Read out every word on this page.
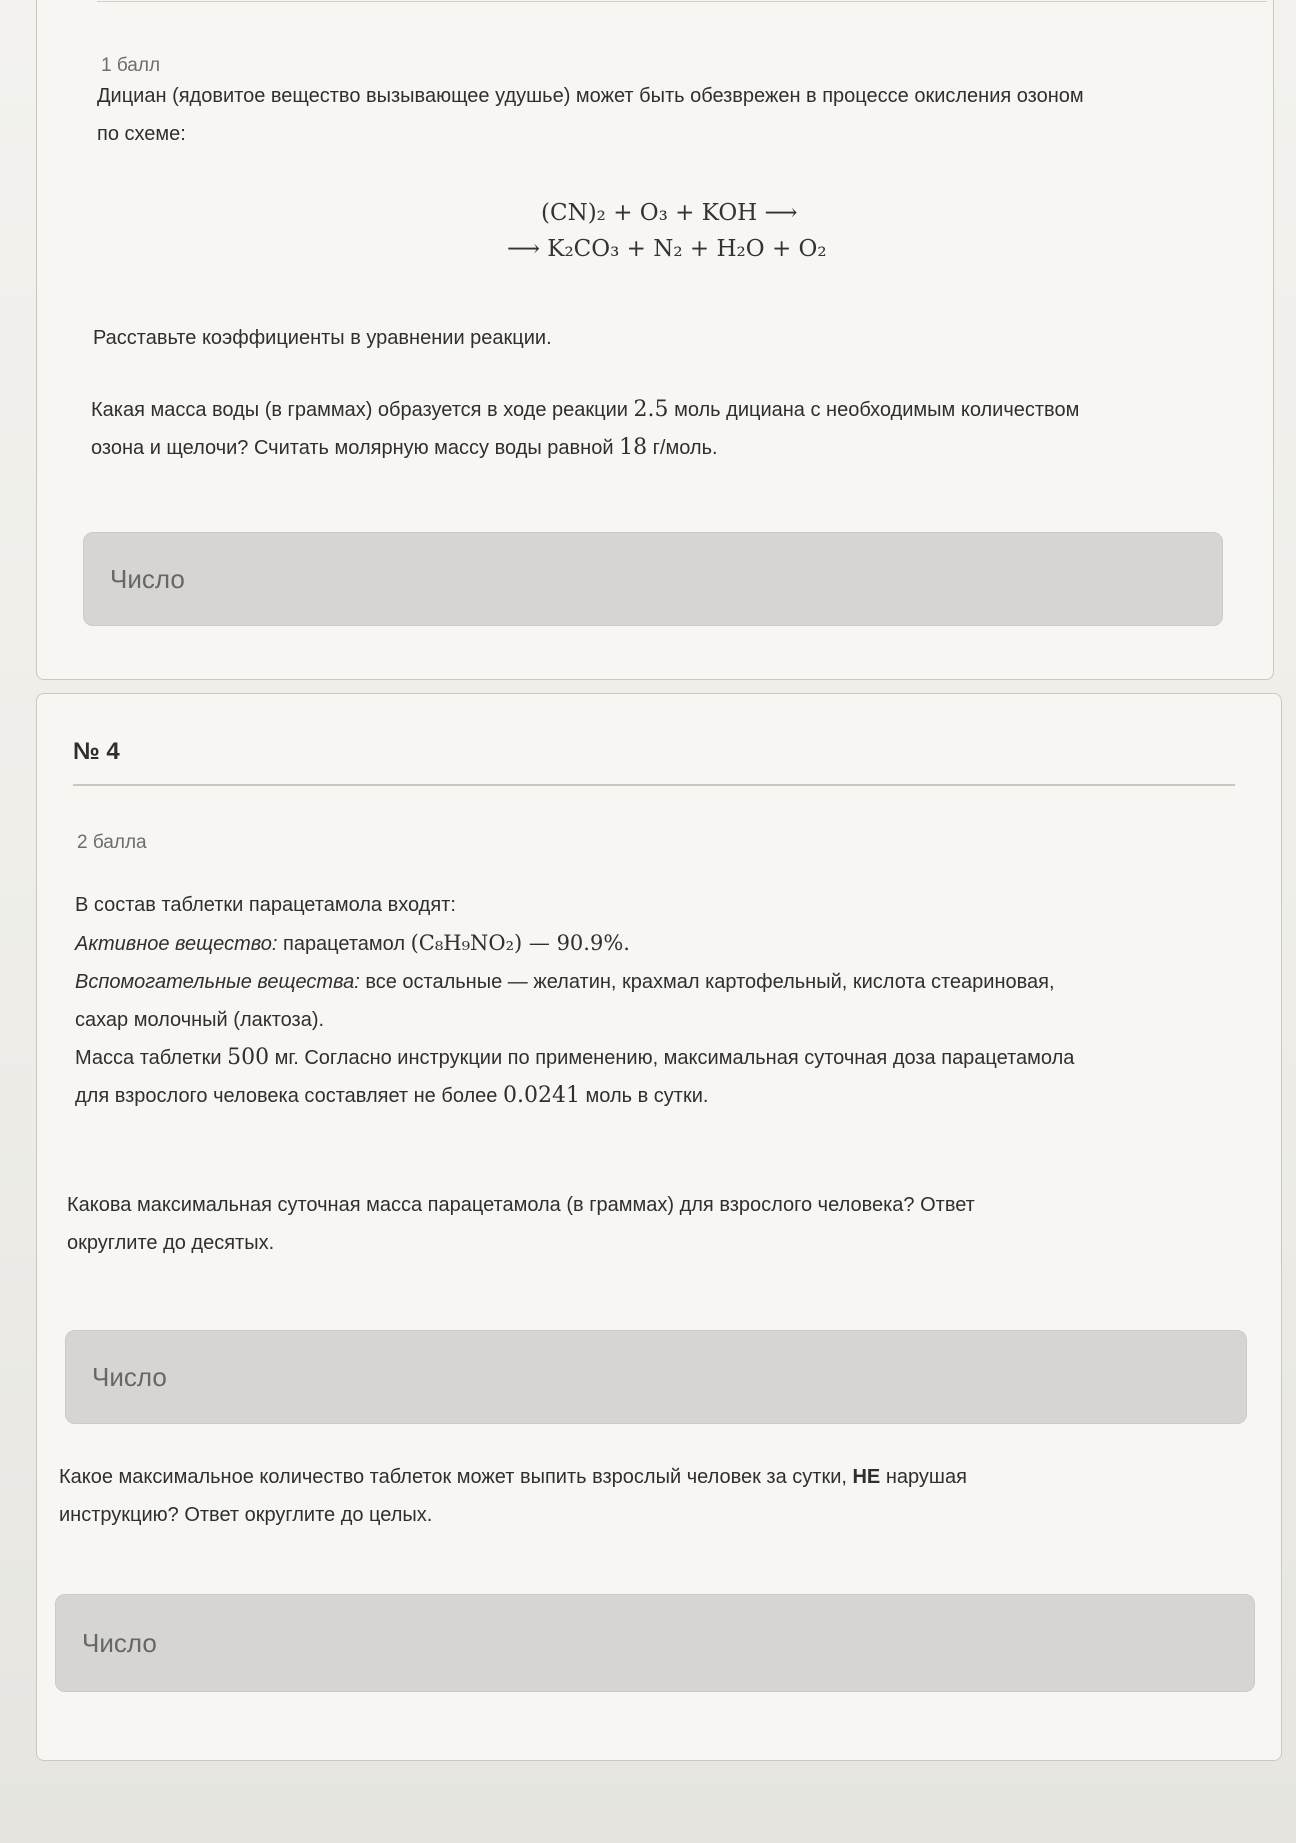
1 балл
Дициан (ядовитое вещество вызывающее удушье) может быть обезврежен в процессе окисления озоном
по схеме:
(CN)₂ + O₃ + KOH ⟶
⟶ K₂CO₃ + N₂ + H₂O + O₂
Расставьте коэффициенты в уравнении реакции.
Какая масса воды (в граммах) образуется в ходе реакции 2.5 моль дициана с необходимым количеством
озона и щелочи? Считать молярную массу воды равной 18 г/моль.
Число
№ 4
2 балла
В состав таблетки парацетамола входят:
Активное вещество: парацетамол (C₈H₉NO₂) — 90.9%.
Вспомогательные вещества: все остальные — желатин, крахмал картофельный, кислота стеариновая,
сахар молочный (лактоза).
Масса таблетки 500 мг. Согласно инструкции по применению, максимальная суточная доза парацетамола
для взрослого человека составляет не более 0.0241 моль в сутки.
Какова максимальная суточная масса парацетамола (в граммах) для взрослого человека? Ответ
округлите до десятых.
Число
Какое максимальное количество таблеток может выпить взрослый человек за сутки, НЕ нарушая
инструкцию? Ответ округлите до целых.
Число
